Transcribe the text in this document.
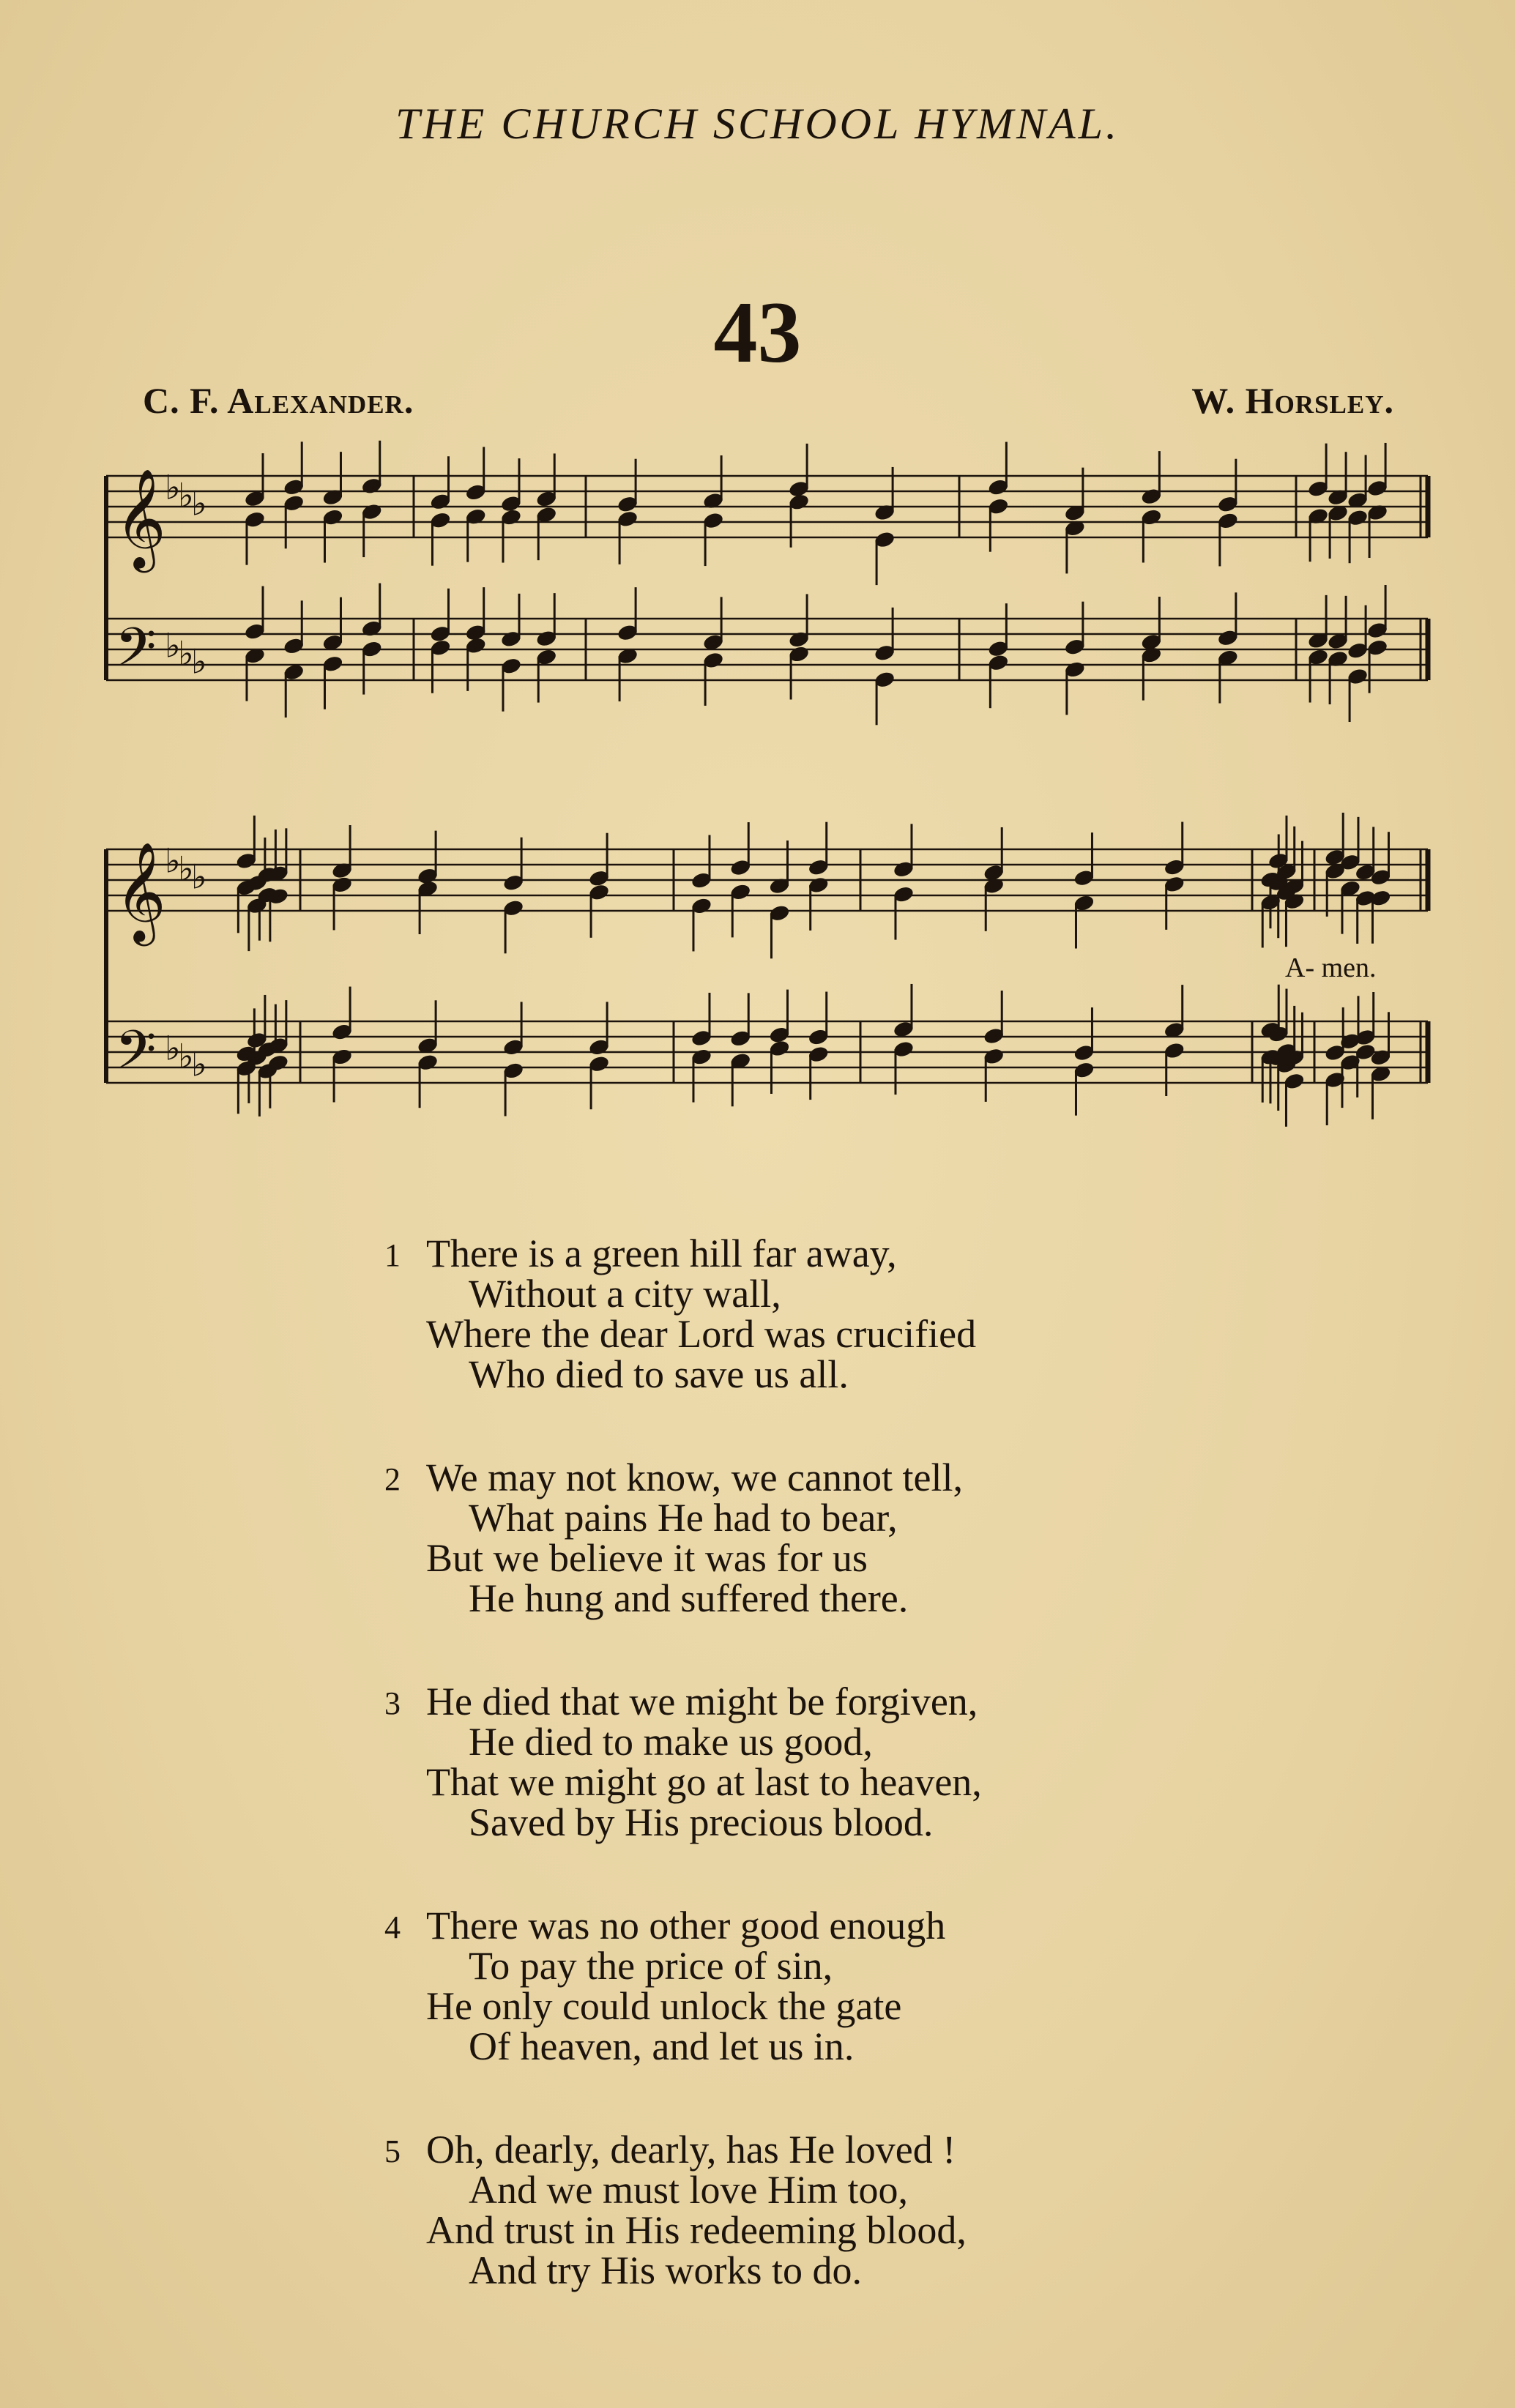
THE CHURCH SCHOOL HYMNAL.
43
C. F. Alexander.	W. Horsley.
𝄞
♭
♭
♭
𝄢 ♭
♭
♭
𝄞
♭
♭
♭
𝄢 ♭
♭
♭
A- men.
1 There is a green hill far away,
Without a city wall,
Where the dear Lord was crucified
Who died to save us all.
2 We may not know, we cannot tell,
What pains He had to bear,
But we believe it was for us
He hung and suffered there.
3 He died that we might be forgiven,
He died to make us good,
That we might go at last to heaven,
Saved by His precious blood.
4 There was no other good enough
To pay the price of sin,
He only could unlock the gate
Of heaven, and let us in.
5 Oh, dearly, dearly, has He loved !
And we must love Him too,
And trust in His redeeming blood,
And try His works to do.
